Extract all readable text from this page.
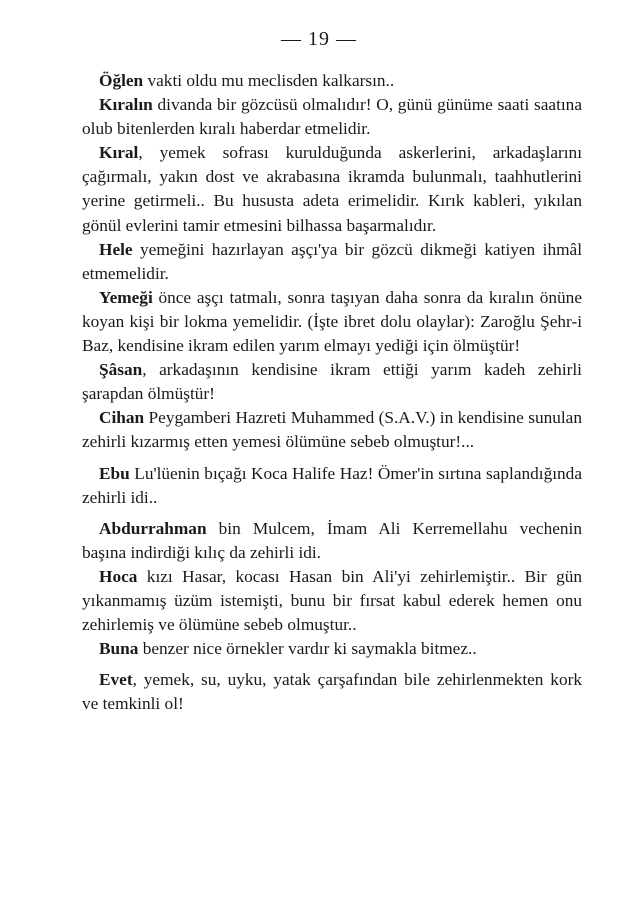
— 19 —

Öğlen vakti oldu mu meclisden kalkarsın..

Kıralın divanda bir gözcüsü olmalıdır! O, günü günüme saati saatına olub bitenlerden kıralı haberdar etmelidir.

Kıral, yemek sofrası kurulduğunda askerlerini, arkadaşlarını çağırmalı, yakın dost ve akrabasına ikramda bulunmalı, taahhutlerini yerine getirmeli.. Bu hususta adeta erimelidir. Kırık kableri, yıkılan gönül evlerini tamir etmesini bilhassa başarmalıdır.

Hele yemeğini hazırlayan aşçı'ya bir gözcü dikmeği katiyen ihmâl etmemelidir.

Yemeği önce aşçı tatmalı, sonra taşıyan daha sonra da kıralın önüne koyan kişi bir lokma yemelidir. (İşte ibret dolu olaylar): Zaroğlu Şehr-i Baz, kendisine ikram edilen yarım elmayı yediği için ölmüştür!

Şâsan, arkadaşının kendisine ikram ettiği yarım kadeh zehirli şarapdan ölmüştür!

Cihan Peygamberi Hazreti Muhammed (S.A.V.) in kendisine sunulan zehirli kızarmış etten yemesi ölümüne sebeb olmuştur!...

Ebu Lu'lüenin bıçağı Koca Halife Haz! Ömer'in sırtına saplandığında zehirli idi..

Abdurrahman bin Mulcem, İmam Ali Kerremellahu vechenin başına indirdiği kılıç da zehirli idi.

Hoca kızı Hasar, kocası Hasan bin Ali'yi zehirlemiştir.. Bir gün yıkanmamış üzüm istemişti, bunu bir fırsat kabul ederek hemen onu zehirlemiş ve ölümüne sebeb olmuştur..

Buna benzer nice örnekler vardır ki saymakla bitmez..

Evet, yemek, su, uyku, yatak çarşafından bile zehirlenmekten kork ve temkinli ol!
